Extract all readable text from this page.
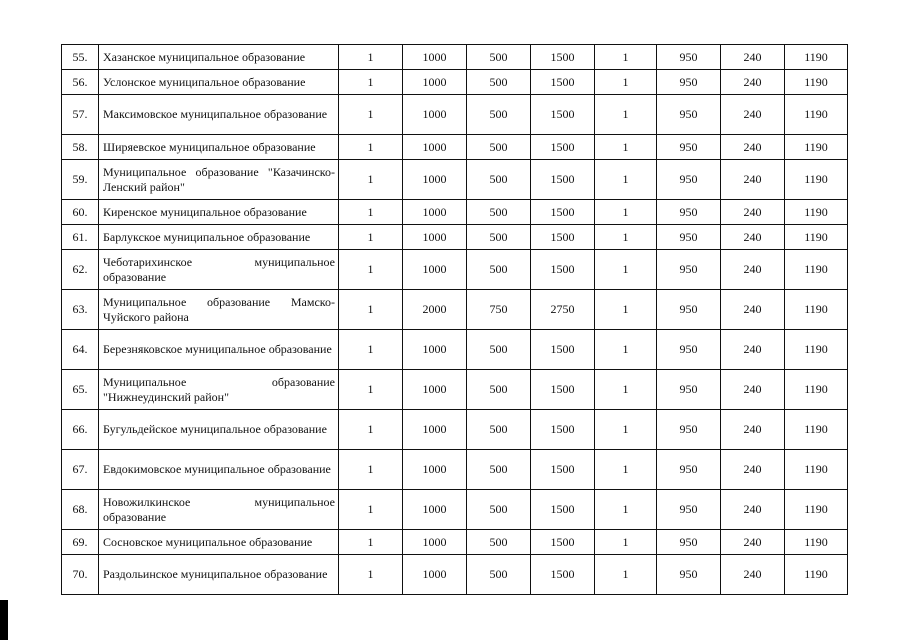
55.	Хазанское муниципальное образование	1	1000	500	1500	1	950	240	1190
56.	Услонское муниципальное образование	1	1000	500	1500	1	950	240	1190
57.	Максимовское муниципальное образование	1	1000	500	1500	1	950	240	1190
58.	Ширяевское муниципальное образование	1	1000	500	1500	1	950	240	1190
59.	Муниципальное образование "Казачинско-Ленский район"	1	1000	500	1500	1	950	240	1190
60.	Киренское муниципальное образование	1	1000	500	1500	1	950	240	1190
61.	Барлукское муниципальное образование	1	1000	500	1500	1	950	240	1190
62.	Чеботарихинское муниципальное образование	1	1000	500	1500	1	950	240	1190
63.	Муниципальное образование Мамско-Чуйского района	1	2000	750	2750	1	950	240	1190
64.	Березняковское муниципальное образование	1	1000	500	1500	1	950	240	1190
65.	Муниципальное образование "Нижнеудинский район"	1	1000	500	1500	1	950	240	1190
66.	Бугульдейское муниципальное образование	1	1000	500	1500	1	950	240	1190
67.	Евдокимовское муниципальное образование	1	1000	500	1500	1	950	240	1190
68.	Новожилкинское муниципальное образование	1	1000	500	1500	1	950	240	1190
69.	Сосновское муниципальное образование	1	1000	500	1500	1	950	240	1190
70.	Раздольинское муниципальное образование	1	1000	500	1500	1	950	240	1190
